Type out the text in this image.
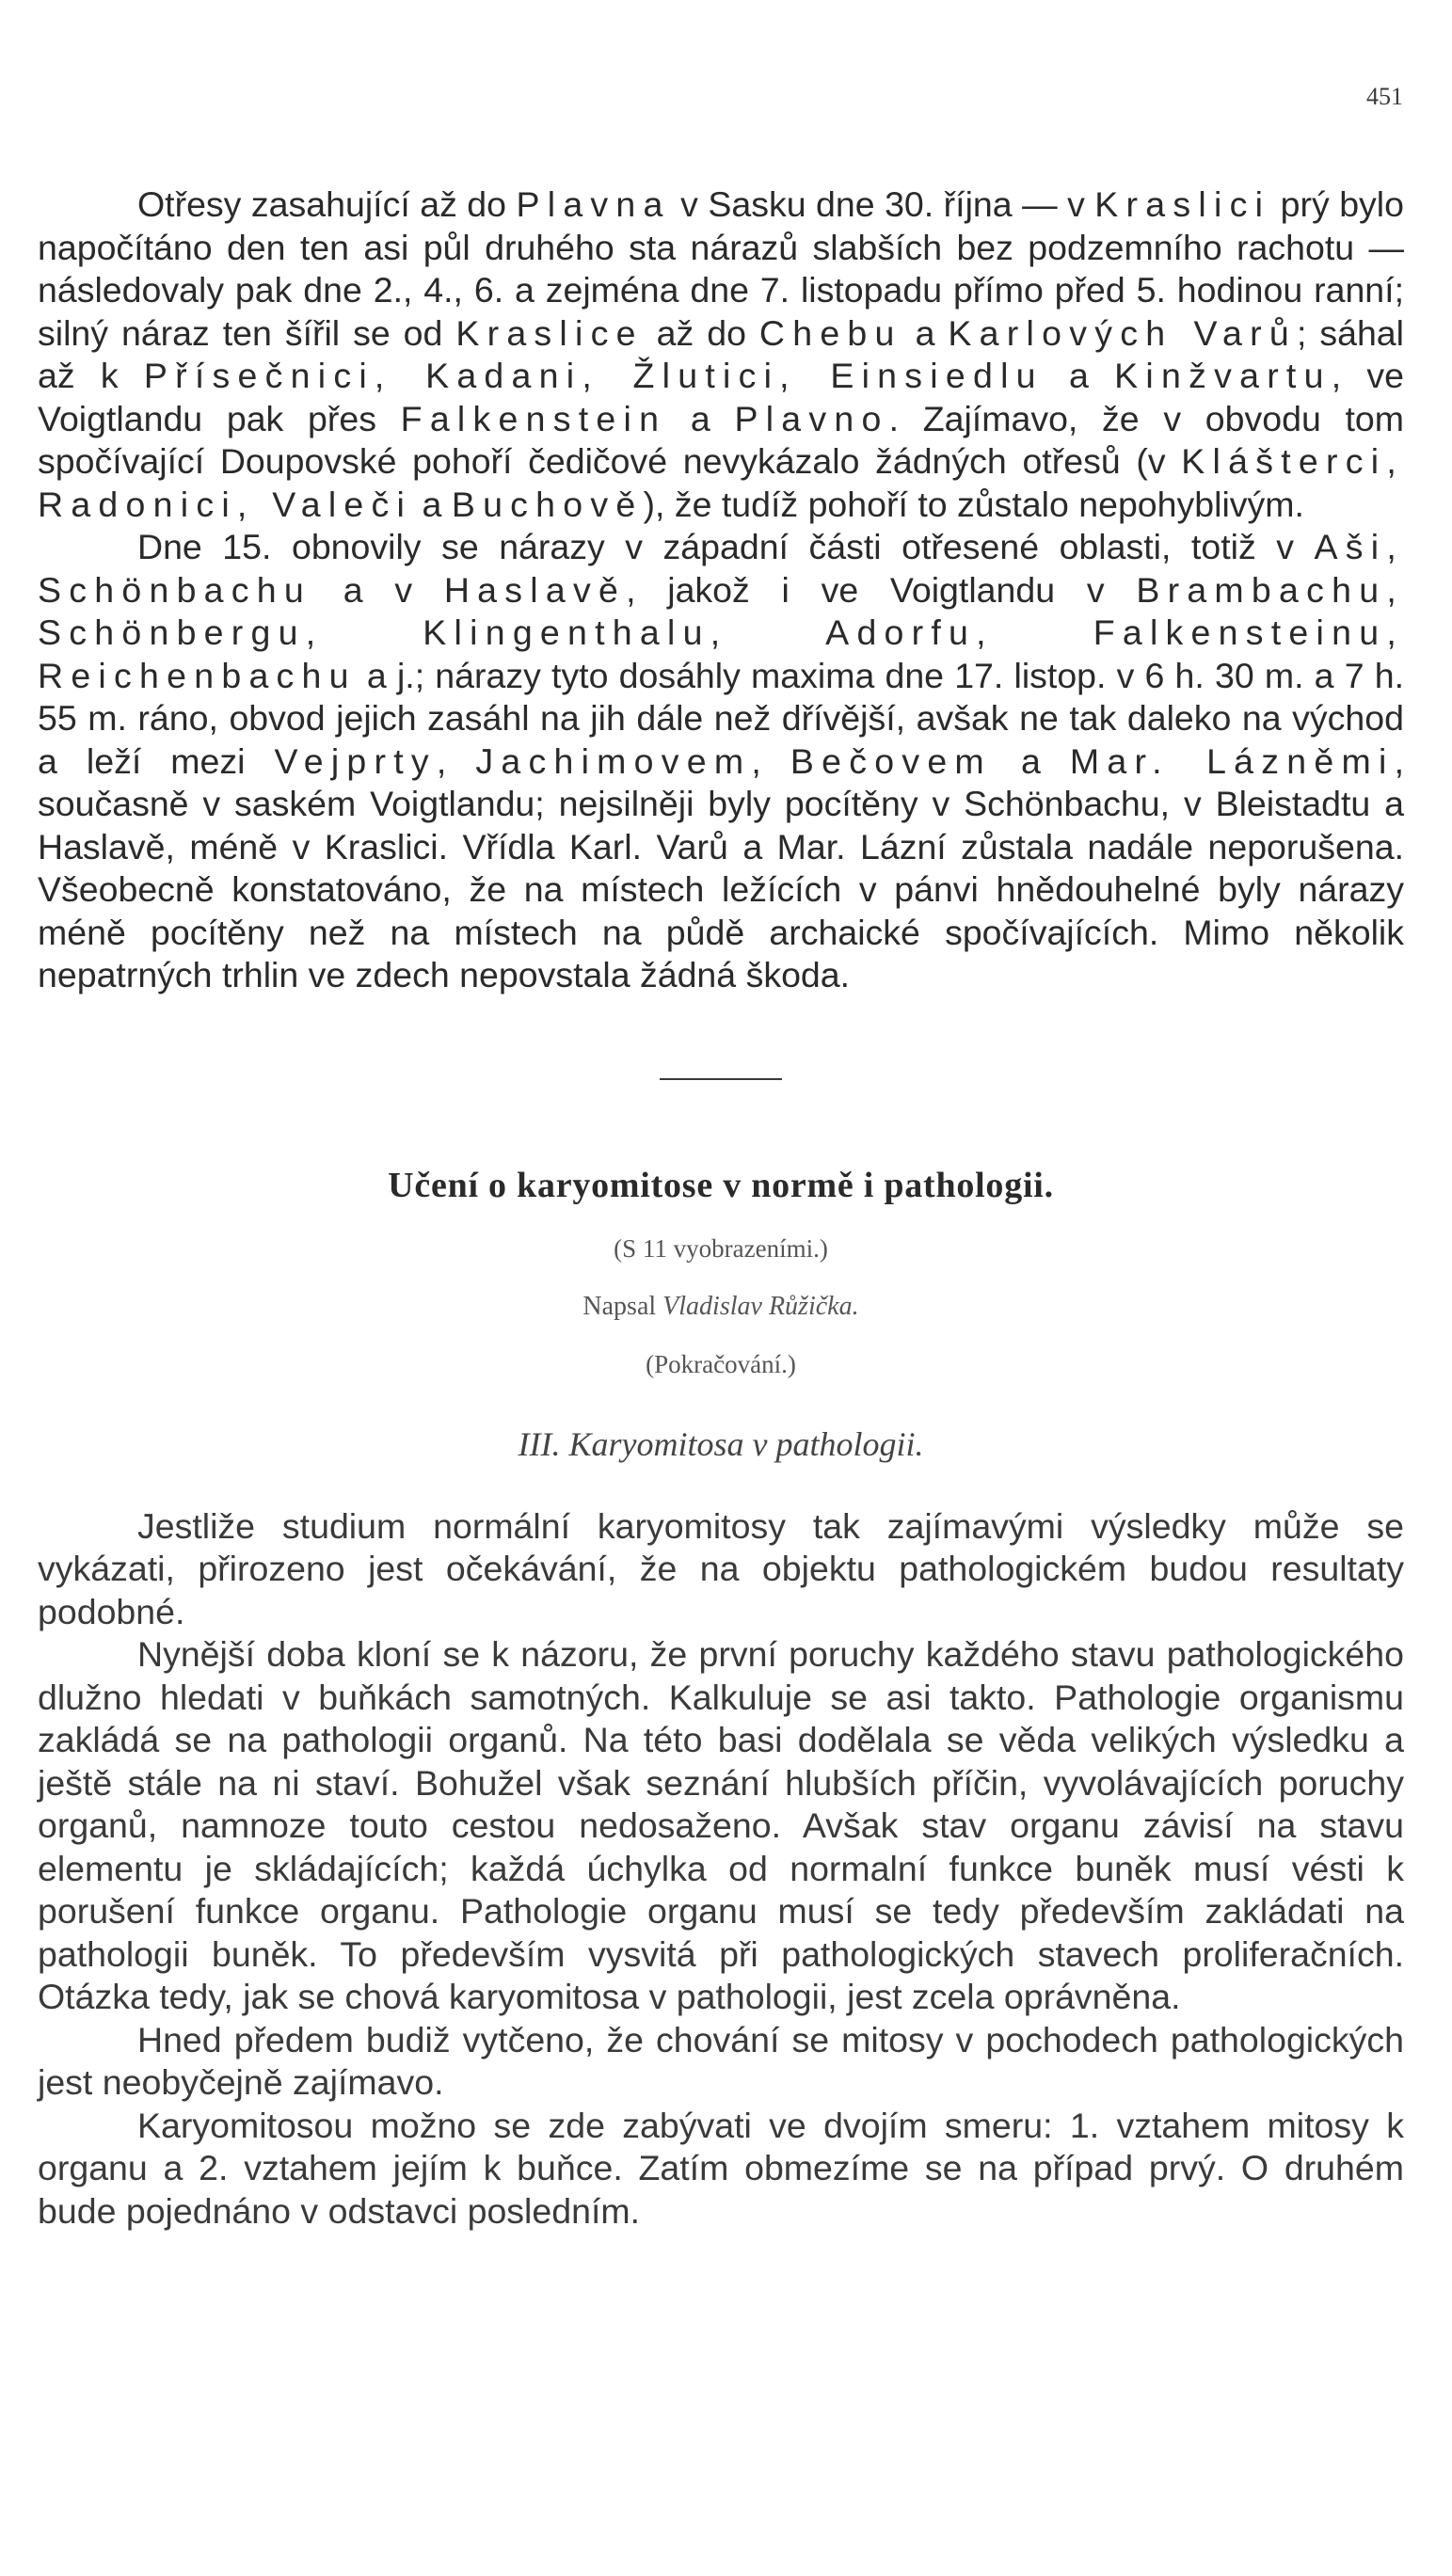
451

Otřesy zasahující až do Plavna v Sasku dne 30. října — v Kraslici prý bylo napočítáno den ten asi půl druhého sta nárazů slabších bez podzemního rachotu — následovaly pak dne 2., 4., 6. a zejména dne 7. listopadu přímo před 5. hodinou ranní; silný náraz ten šířil se od Kraslice až do Chebu a Karlových Varů; sáhal až k Přísečnici, Kadani, Žlutici, Einsiedlu a Kinžvartu, ve Voigtlandu pak přes Falkenstein a Plavno. Zajímavo, že v obvodu tom spočívající Doupovské pohoří čedičové nevykázalo žádných otřesů (v Klášterci, Radonici, Valeči a Buchově), že tudíž pohoří to zůstalo nepohyblivým.

Dne 15. obnovily se nárazy v západní části otřesené oblasti, totiž v Aši, Schönbachu a v Haslavě, jakož i ve Voigtlandu v Brambachu, Schönbergu, Klingenthalu, Adorfu, Falkensteinu, Reichenbachu a j.; nárazy tyto dosáhly maxima dne 17. listop. v 6 h. 30 m. a 7 h. 55 m. ráno, obvod jejich zasáhl na jih dále než dřívější, avšak ne tak daleko na východ a leží mezi Vejprty, Jachimovem, Bečovem a Mar. Lázněmi, současně v saském Voigtlandu; nejsilněji byly pocítěny v Schönbachu, v Bleistadtu a Haslavě, méně v Kraslici. Vřídla Karl. Varů a Mar. Lázní zůstala nadále neporušena. Všeobecně konstatováno, že na místech ležících v pánvi hnědouhelné byly nárazy méně pocítěny než na místech na půdě archaické spočívajících. Mimo několik nepatrných trhlin ve zdech nepovstala žádná škoda.

Učení o karyomitose v normě i pathologii.
(S 11 vyobrazeními.)
Napsal Vladislav Růžička.
(Pokračování.)
III. Karyomitosa v pathologii.

Jestliže studium normální karyomitosy tak zajímavými výsledky může se vykázati, přirozeno jest očekávání, že na objektu pathologickém budou resultaty podobné.

Nynější doba kloní se k názoru, že první poruchy každého stavu pathologického dlužno hledati v buňkách samotných. Kalkuluje se asi takto. Pathologie organismu zakládá se na pathologii organů. Na této basi dodělala se věda velikých výsledku a ještě stále na ni staví. Bohužel však seznání hlubších příčin, vyvolávajících poruchy organů, namnoze touto cestou nedosaženo. Avšak stav organu závisí na stavu elementu je skládajících; každá úchylka od normalní funkce buněk musí vésti k porušení funkce organu. Pathologie organu musí se tedy především zakládati na pathologii buněk. To především vysvitá při pathologických stavech proliferačních. Otázka tedy, jak se chová karyomitosa v pathologii, jest zcela oprávněna.

Hned předem budiž vytčeno, že chování se mitosy v pochodech pathologických jest neobyčejně zajímavo.

Karyomitosou možno se zde zabývati ve dvojím smeru: 1. vztahem mitosy k organu a 2. vztahem jejím k buňce. Zatím obmezíme se na případ prvý. O druhém bude pojednáno v odstavci posledním.
